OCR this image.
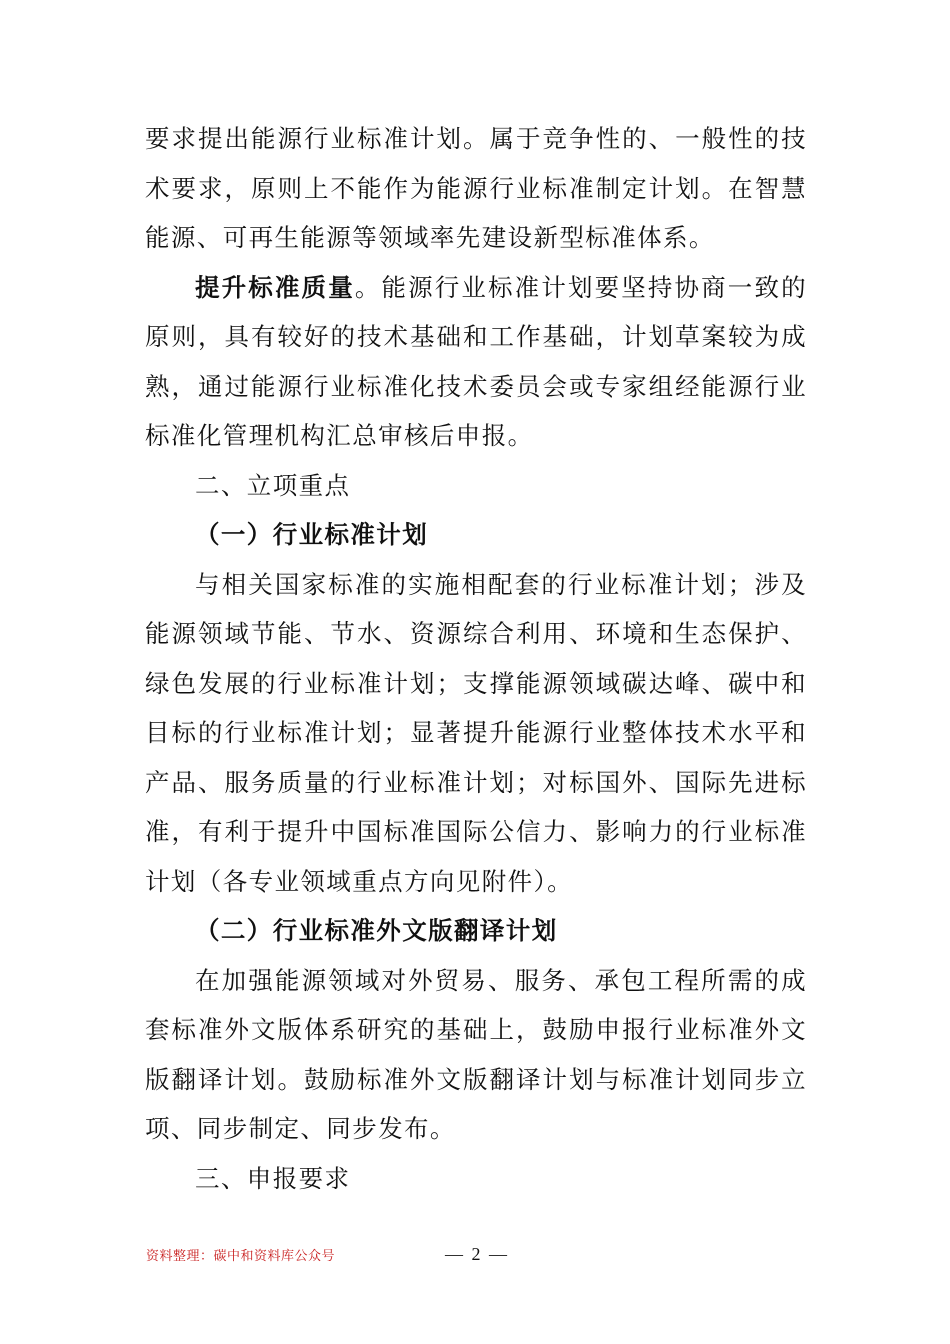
要求提出能源行业标准计划。属于竞争性的、一般性的技术要求，原则上不能作为能源行业标准制定计划。在智慧能源、可再生能源等领域率先建设新型标准体系。

提升标准质量。能源行业标准计划要坚持协商一致的原则，具有较好的技术基础和工作基础，计划草案较为成熟，通过能源行业标准化技术委员会或专家组经能源行业标准化管理机构汇总审核后申报。

二、立项重点

（一）行业标准计划

与相关国家标准的实施相配套的行业标准计划；涉及能源领域节能、节水、资源综合利用、环境和生态保护、绿色发展的行业标准计划；支撑能源领域碳达峰、碳中和目标的行业标准计划；显著提升能源行业整体技术水平和产品、服务质量的行业标准计划；对标国外、国际先进标准，有利于提升中国标准国际公信力、影响力的行业标准计划（各专业领域重点方向见附件）。

（二）行业标准外文版翻译计划

在加强能源领域对外贸易、服务、承包工程所需的成套标准外文版体系研究的基础上，鼓励申报行业标准外文版翻译计划。鼓励标准外文版翻译计划与标准计划同步立项、同步制定、同步发布。

三、申报要求

资料整理：碳中和资料库公众号	— 2 —
